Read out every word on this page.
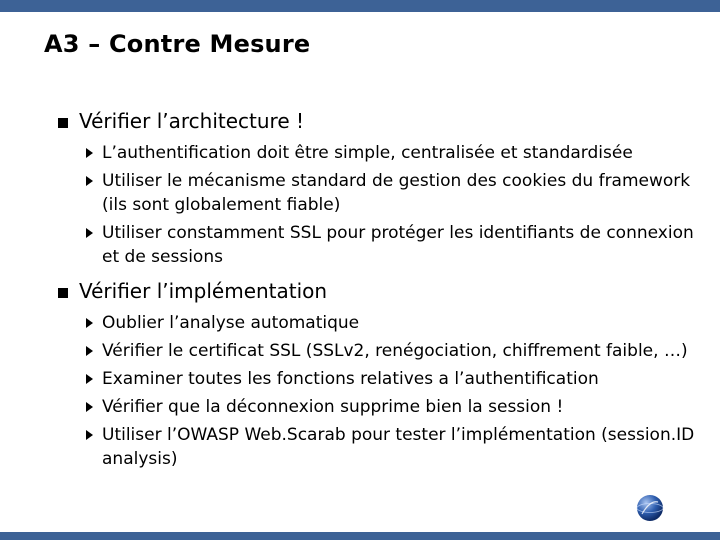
A3 – Contre Mesure
Vérifier l’architecture !
L’authentification doit être simple, centralisée et standardisée
Utiliser le mécanisme standard de gestion des cookies du framework (ils sont globalement fiable)
Utiliser constamment SSL pour protéger les identifiants de connexion et de sessions
Vérifier l’implémentation
Oublier l’analyse automatique
Vérifier le certificat SSL (SSLv2, renégociation, chiffrement faible, …)
Examiner toutes les fonctions relatives a l’authentification
Vérifier que la déconnexion supprime bien la session !
Utiliser l’OWASP Web.Scarab pour tester l’implémentation (session.ID analysis)
